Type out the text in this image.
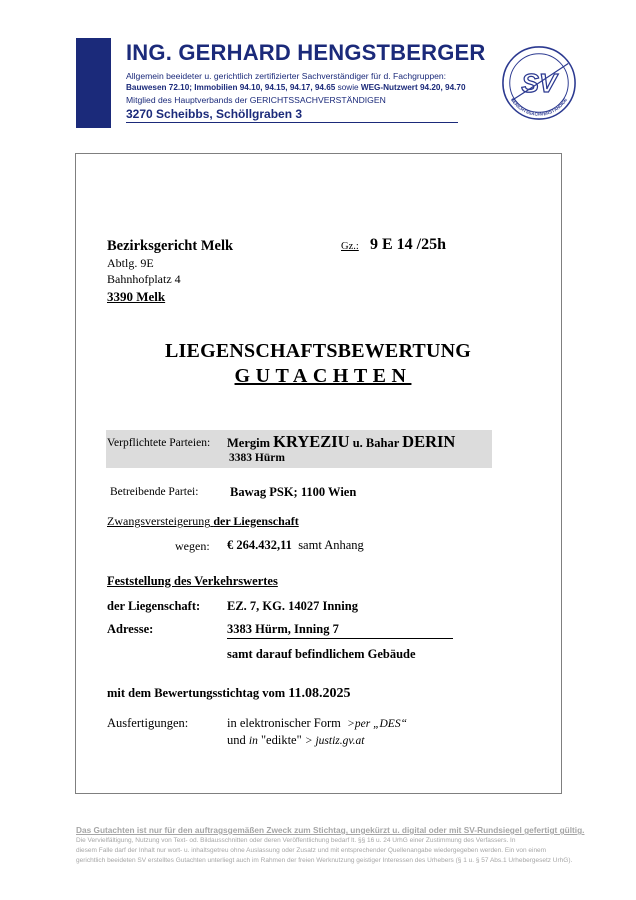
ING. GERHARD HENGSTBERGER
Allgemein beeideter u. gerichtlich zertifizierter Sachverständiger für d. Fachgruppen:
Bauwesen 72.10; Immobilien 94.10, 94.15, 94.17, 94.65 sowie WEG-Nutzwert 94.20, 94.70
Mitglied des Hauptverbands der GERICHTSSACHVERSTÄNDIGEN
3270 Scheibbs, Schöllgraben 3
GERICHTSSACHVERSTÄNDIGE
SV
Bezirksgericht Melk	Gz.: 9 E 14 /25h
Abtlg. 9E
Bahnhofplatz 4
3390 Melk
LIEGENSCHAFTSBEWERTUNG
GUTACHTEN
Verpflichtete Parteien: Mergim KRYEZIU u. Bahar DERIN
3383 Hürm
Betreibende Partei:	Bawag PSK; 1100 Wien
Zwangsversteigerung der Liegenschaft
wegen: € 264.432,11 samt Anhang
Feststellung des Verkehrswertes
der Liegenschaft: EZ. 7, KG. 14027 Inning
Adresse:	3383 Hürm, Inning 7
samt darauf befindlichem Gebäude
mit dem Bewertungsstichtag vom 11.08.2025
Ausfertigungen:	in elektronischer Form >per „DES“
und in "edikte" > justiz.gv.at
Das Gutachten ist nur für den auftragsgemäßen Zweck zum Stichtag, ungekürzt u. digital oder mit SV-Rundsiegel gefertigt gültig.
Die Vervielfältigung, Nutzung von Text- od. Bildausschnitten oder deren Veröffentlichung bedarf lt. §§ 16 u. 24 UrhG einer Zustimmung des Verfassers. In
diesem Falle darf der Inhalt nur wort- u. inhaltsgetreu ohne Auslassung oder Zusatz und mit entsprechender Quellenangabe wiedergegeben werden. Ein von einem
gerichtlich beeideten SV erstelltes Gutachten unterliegt auch im Rahmen der freien Werknutzung geistiger Interessen des Urhebers (§ 1 u. § 57 Abs.1 Urhebergesetz UrhG).
